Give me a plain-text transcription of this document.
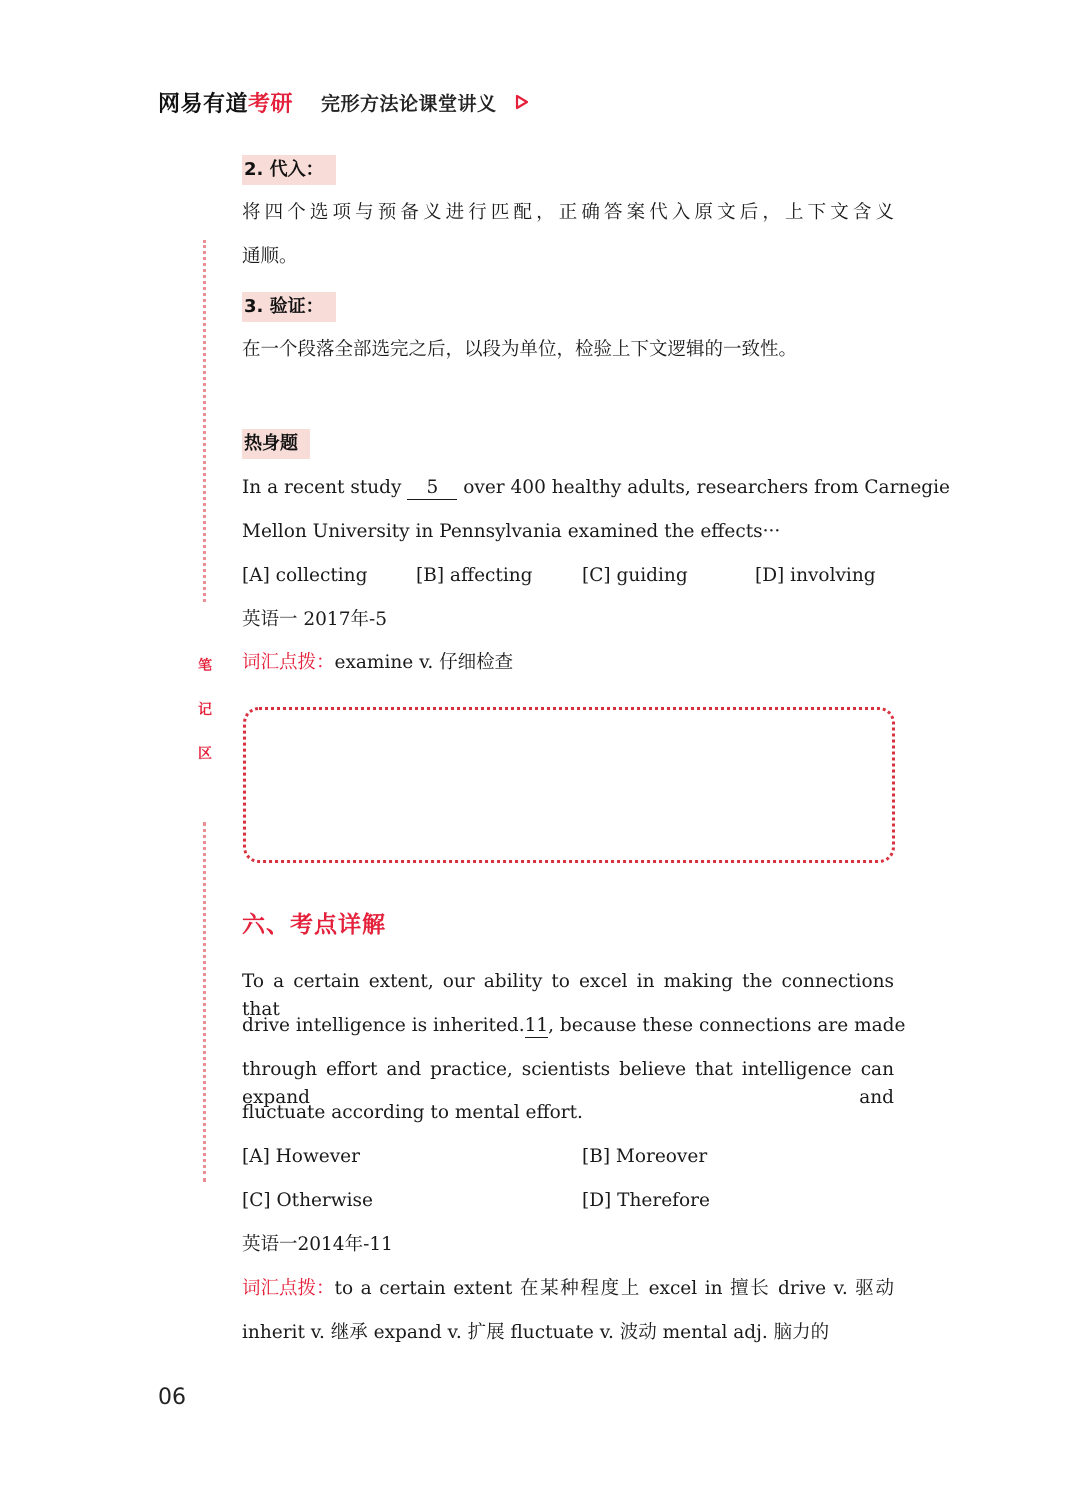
网易有道 考研 完形方法论课堂讲义
笔
记
区
2. 代入：
将四个选项与预备义进行匹配，正确答案代入原文后，上下文含义
通顺。
3. 验证：
在一个段落全部选完之后，以段为单位，检验上下文逻辑的一致性。
热身题
In a recent study 5 over 400 healthy adults, researchers from Carnegie
Mellon University in Pennsylvania examined the effects···
[A] collecting	[B] affecting	[C] guiding	[D] involving
英语一 2017年-5
词汇点拨：examine v. 仔细检查
六、考点详解
To a certain extent, our ability to excel in making the connections that
drive intelligence is inherited. 11 , because these connections are made
through effort and practice, scientists believe that intelligence can expand and
fluctuate according to mental effort.
[A] However	[B] Moreover
[C] Otherwise	[D] Therefore
英语一2014年-11
词汇点拨： to a certain extent 在某种程度上 excel in 擅长 drive v. 驱动
inherit v. 继承 expand v. 扩展 fluctuate v. 波动 mental adj. 脑力的
06
